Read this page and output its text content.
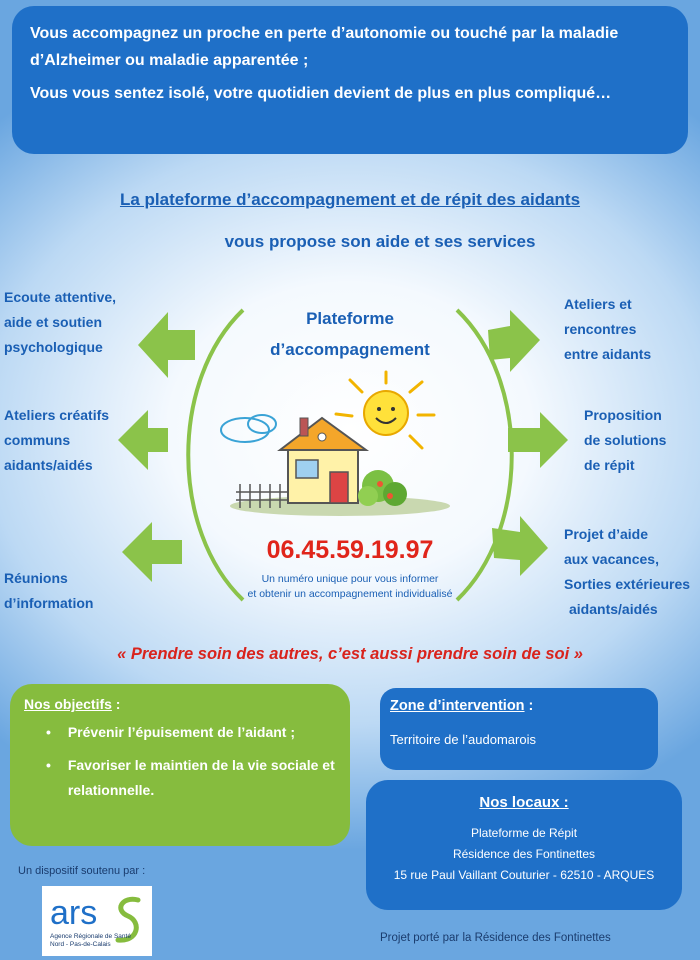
Vous accompagnez un proche en perte d’autonomie ou touché par la maladie d’Alzheimer ou maladie apparentée ;

Vous vous sentez isolé, votre quotidien devient de plus en plus compliqué…

La plateforme d’accompagnement et de répit des aidants
vous propose son aide et ses services
Ecoute attentive,
aide et soutien
psychologique
Ateliers créatifs
communs
aidants/aidés
Réunions
d’information
Ateliers et
rencontres
entre aidants
Proposition
de solutions
de répit
Projet d’aide
aux vacances,
Sorties extérieures
aidants/aidés
Plateforme
d’accompagnement
06.45.59.19.97
Un numéro unique pour vous informer
et obtenir un accompagnement individualisé
« Prendre soin des autres, c’est aussi prendre soin de soi »
Nos objectifs :
•	Prévenir l’épuisement de l’aidant ;
•	Favoriser le maintien de la vie sociale et relationnelle.
Zone d’intervention :
Territoire de l’audomarois
Nos locaux :
Plateforme de Répit
Résidence des Fontinettes
15 rue Paul Vaillant Couturier - 62510 - ARQUES
Un dispositif soutenu par :
ars
Agence Régionale de Santé
Nord - Pas-de-Calais
Projet porté par la Résidence des Fontinettes
